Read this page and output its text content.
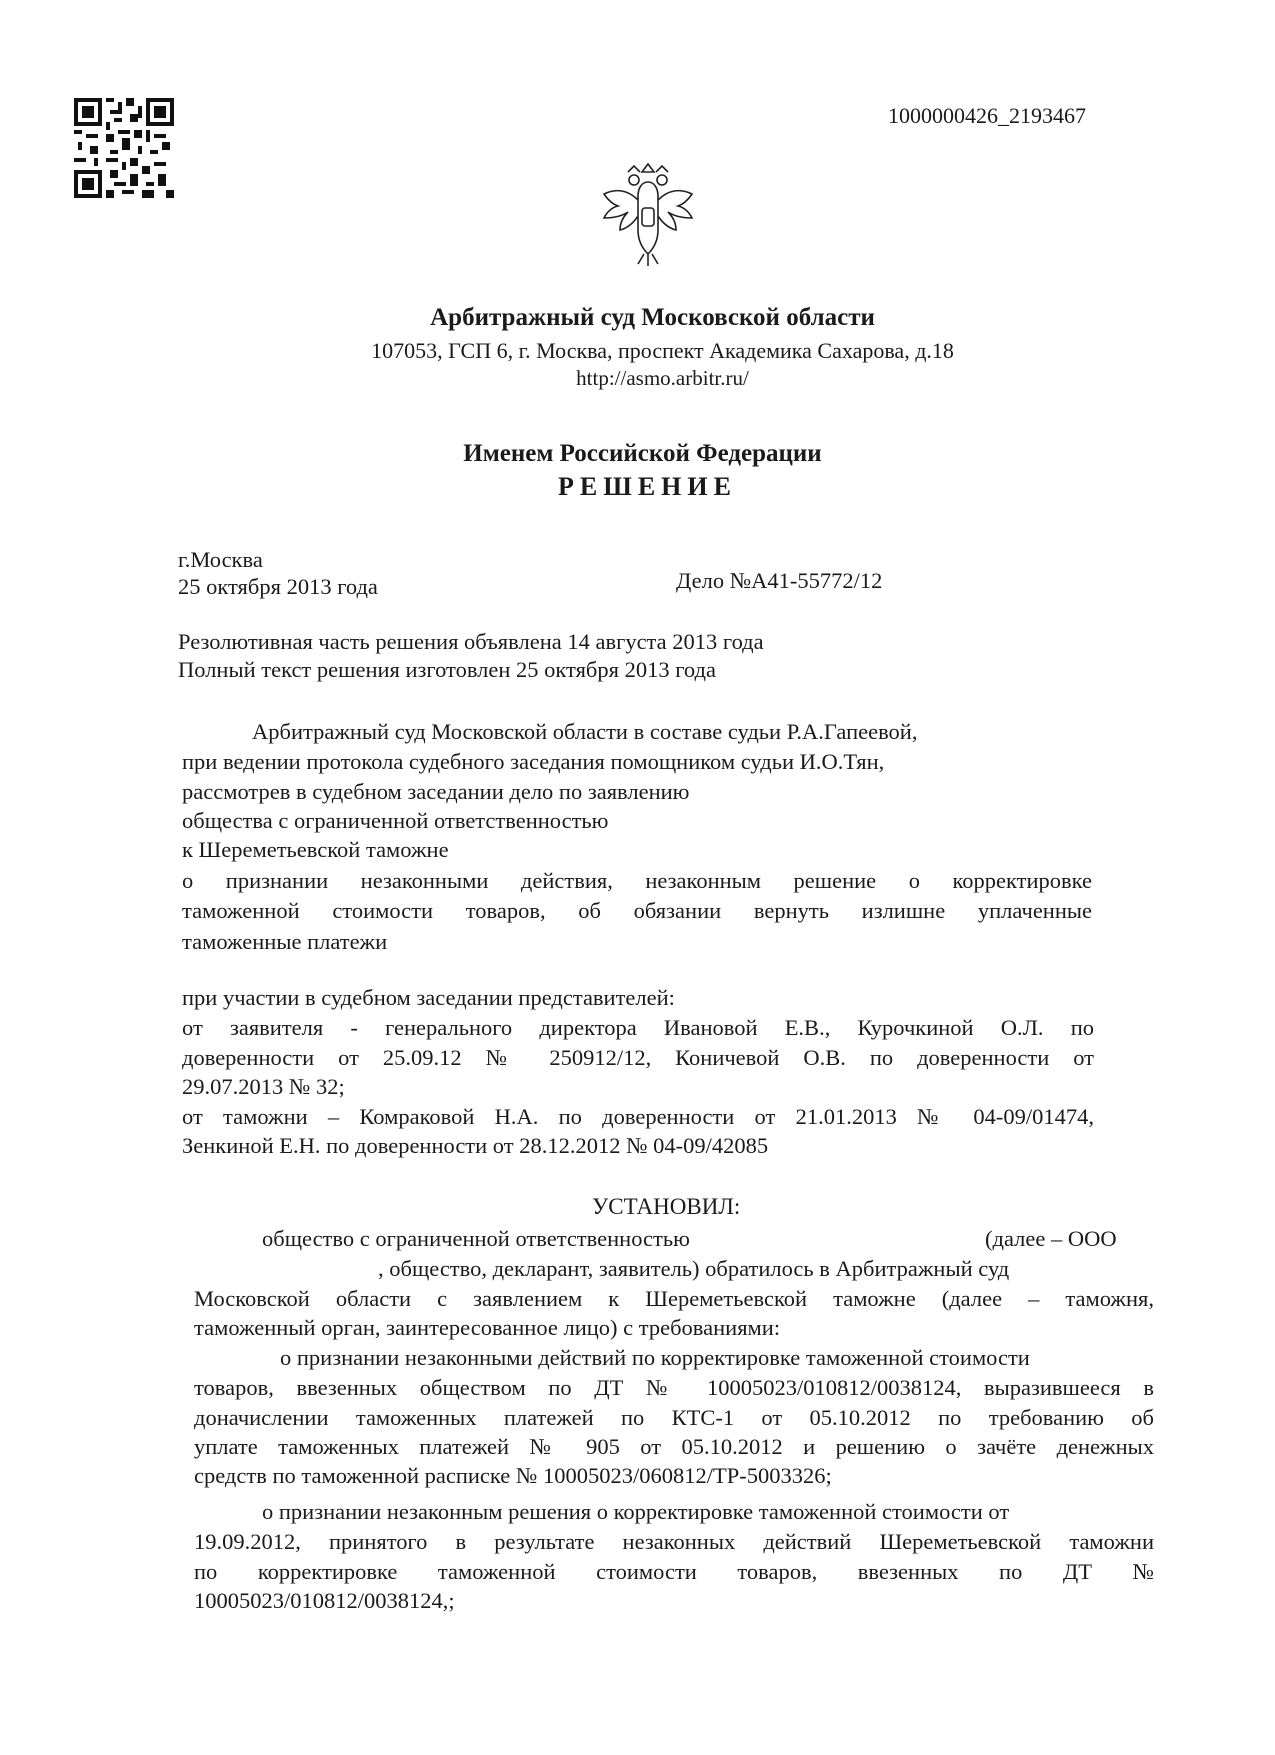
1000000426_2193467
Арбитражный суд Московской области
107053, ГСП 6, г. Москва, проспект Академика Сахарова, д.18
http://asmo.arbitr.ru/
Именем Российской Федерации
РЕШЕНИЕ
г.Москва
25 октября 2013 года	Дело №А41-55772/12
Резолютивная часть решения объявлена 14 августа 2013 года
Полный текст решения изготовлен 25 октября 2013 года
Арбитражный суд Московской области в составе судьи Р.А.Гапеевой,
при ведении протокола судебного заседания помощником судьи И.О.Тян,
рассмотрев в судебном заседании дело по заявлению
общества с ограниченной ответственностью
к Шереметьевской таможне
о признании незаконными действия, незаконным решение о корректировке
таможенной стоимости товаров, об обязании вернуть излишне уплаченные
таможенные платежи
при участии в судебном заседании представителей:
от заявителя - генерального директора Ивановой Е.В., Курочкиной О.Л. по
доверенности от 25.09.12 № 250912/12, Коничевой О.В. по доверенности от
29.07.2013 № 32;
от таможни – Комраковой Н.А. по доверенности от 21.01.2013 № 04-09/01474,
Зенкиной Е.Н. по доверенности от 28.12.2012 № 04-09/42085
УСТАНОВИЛ:
общество с ограниченной ответственностью	(далее – ООО
, общество, декларант, заявитель) обратилось в Арбитражный суд
Московской области с заявлением к Шереметьевской таможне (далее – таможня,
таможенный орган, заинтересованное лицо) с требованиями:
о признании незаконными действий по корректировке таможенной стоимости
товаров, ввезенных обществом по ДТ № 10005023/010812/0038124, выразившееся в
доначислении таможенных платежей по КТС-1 от 05.10.2012 по требованию об
уплате таможенных платежей № 905 от 05.10.2012 и решению о зачёте денежных
средств по таможенной расписке № 10005023/060812/ТР-5003326;
о признании незаконным решения о корректировке таможенной стоимости от
19.09.2012, принятого в результате незаконных действий Шереметьевской таможни
по корректировке таможенной стоимости товаров, ввезенных по ДТ №
10005023/010812/0038124,;
